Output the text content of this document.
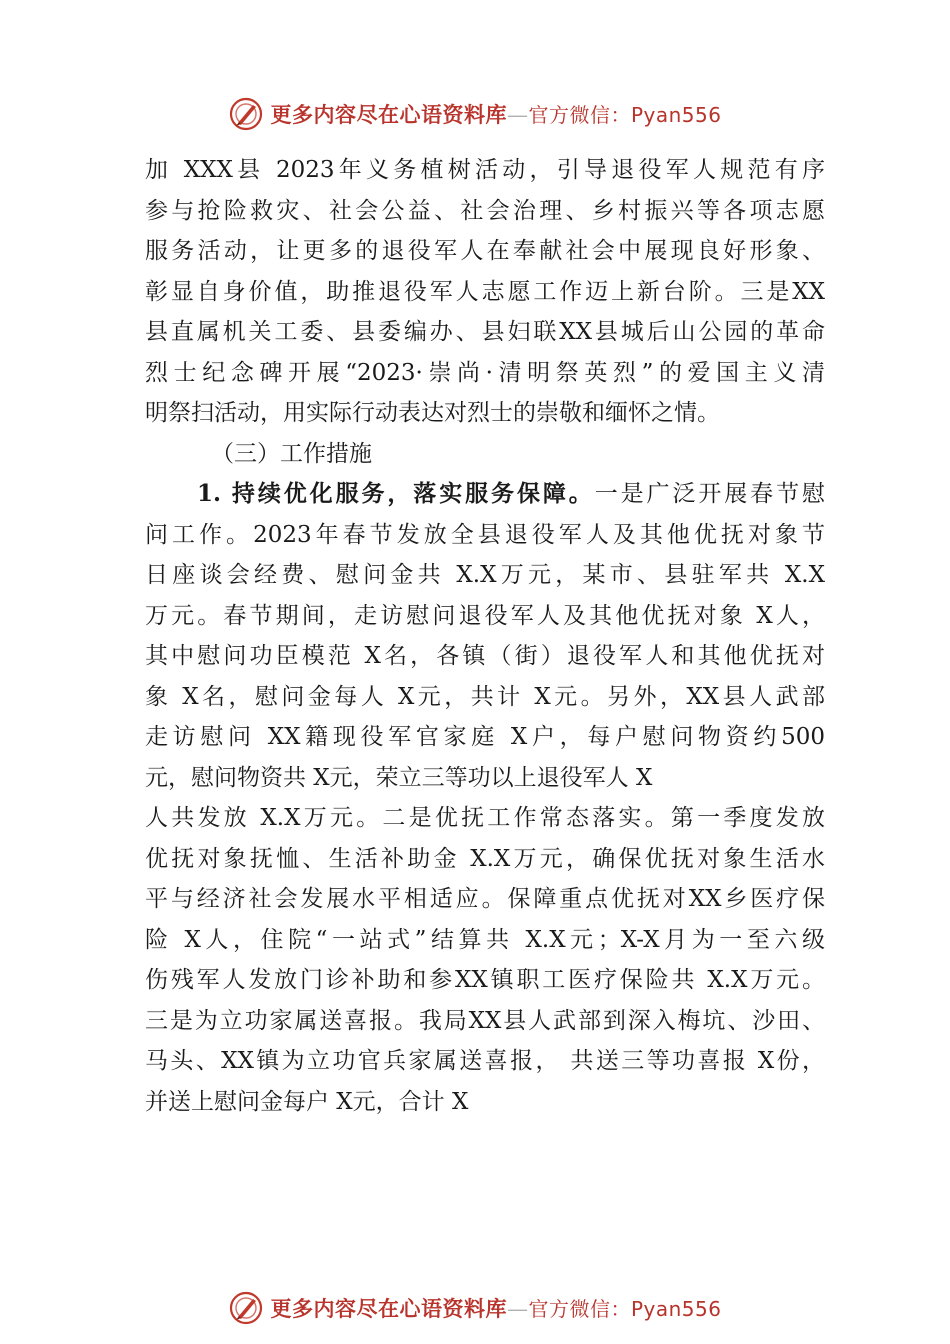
更多内容尽在心语资料库—官方微信：Pyan556
加 XXX县 2023年义务植树活动，引导退役军人规范有序
参与抢险救灾、社会公益、社会治理、乡村振兴等各项志愿
服务活动，让更多的退役军人在奉献社会中展现良好形象、
彰显自身价值，助推退役军人志愿工作迈上新台阶。三是XX
县直属机关工委、县委编办、县妇联XX县城后山公园的革命
烈士纪念碑开展“2023·崇尚·清明祭英烈”的爱国主义清
明祭扫活动，用实际行动表达对烈士的崇敬和缅怀之情。
（三）工作措施
1. 持续优化服务，落实服务保障。一是广泛开展春节慰
问工作。2023年春节发放全县退役军人及其他优抚对象节
日座谈会经费、慰问金共 X.X万元，某市、县驻军共 X.X
万元。春节期间，走访慰问退役军人及其他优抚对象 X人，
其中慰问功臣模范 X名，各镇（街）退役军人和其他优抚对
象 X名，慰问金每人 X元，共计 X元。另外，XX县人武部
走访慰问 XX籍现役军官家庭 X户，每户慰问物资约500
元，慰问物资共 X元，荣立三等功以上退役军人 X
人共发放 X.X万元。二是优抚工作常态落实。第一季度发放
优抚对象抚恤、生活补助金 X.X万元，确保优抚对象生活水
平与经济社会发展水平相适应。保障重点优抚对XX乡医疗保
险 X人，住院“一站式”结算共 X.X元；X-X月为一至六级
伤残军人发放门诊补助和参XX镇职工医疗保险共 X.X万元。
三是为立功家属送喜报。我局XX县人武部到深入梅坑、沙田、
马头、XX镇为立功官兵家属送喜报， 共送三等功喜报 X份，
并送上慰问金每户 X元，合计 X
更多内容尽在心语资料库—官方微信：Pyan556
